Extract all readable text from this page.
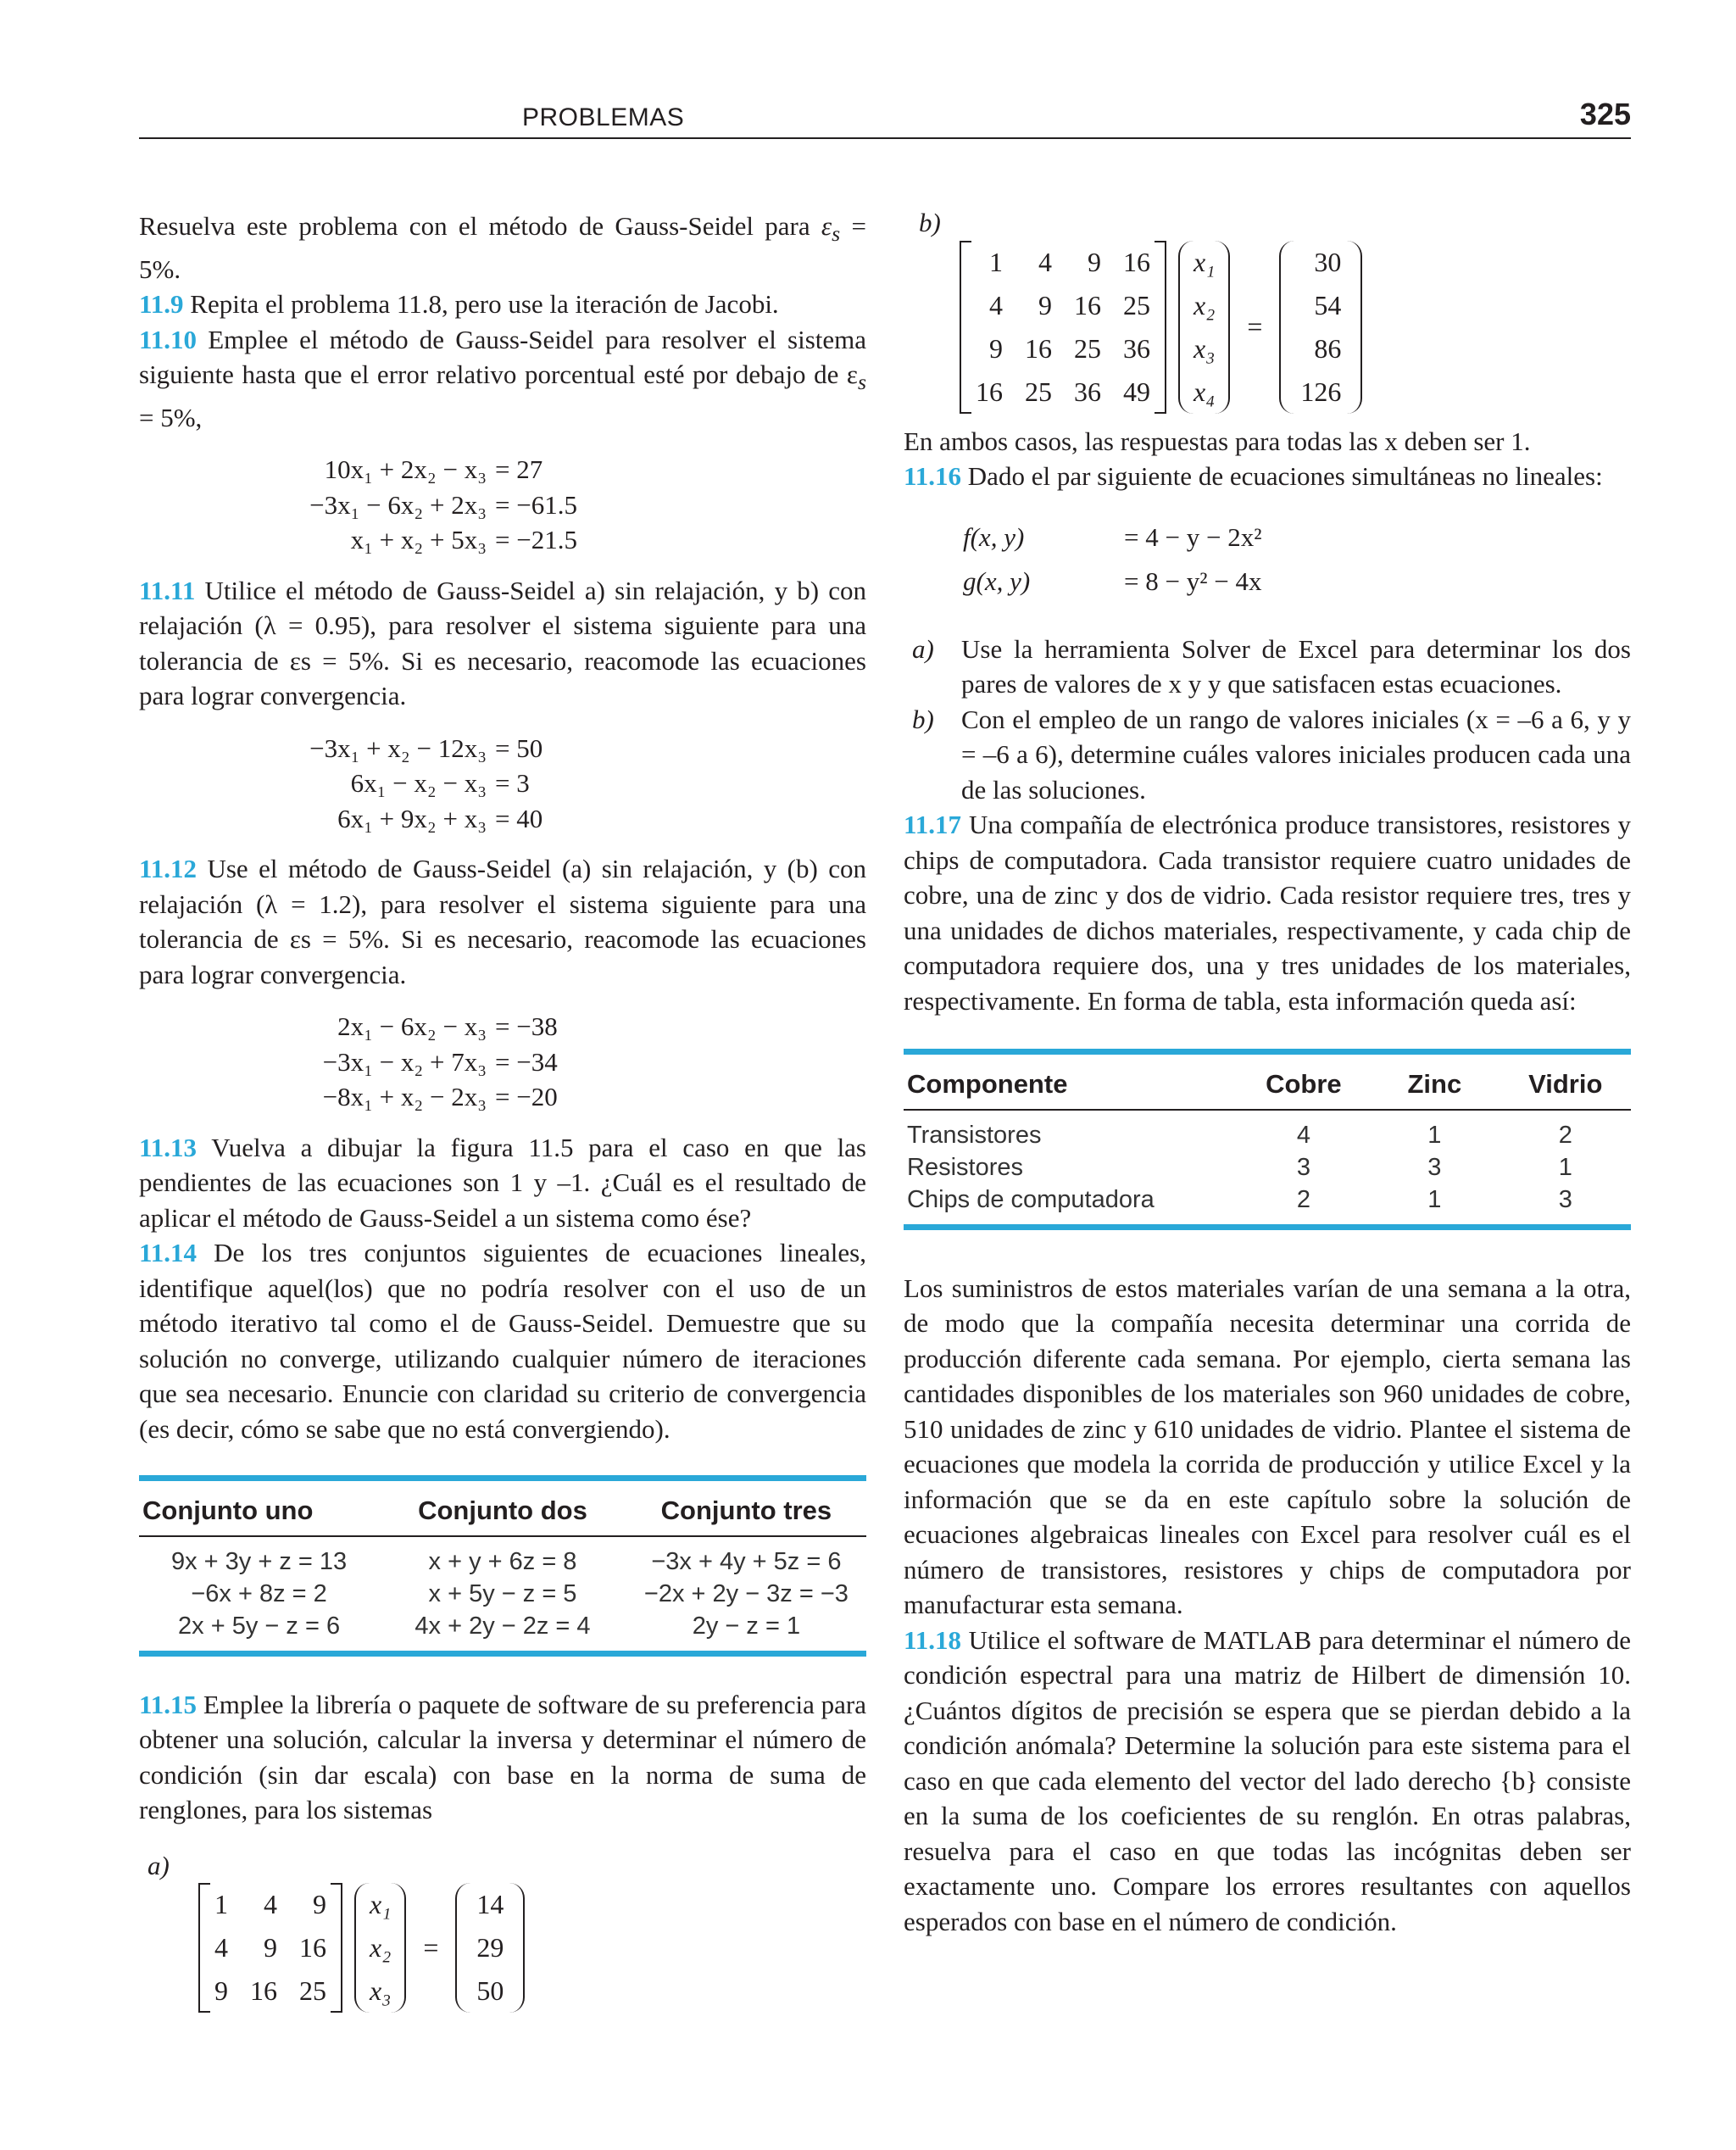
PROBLEMAS	325

Resuelva este problema con el método de Gauss-Seidel para $\varepsilon_s = 5\%$.

11.9 Repita el problema 11.8, pero use la iteración de Jacobi.

11.10 Emplee el método de Gauss-Seidel para resolver el sistema siguiente hasta que el error relativo porcentual esté por debajo de $\varepsilon_s = 5\%$,

10x₁ + 2x₂ − x₃ = 27
−3x₁ − 6x₂ + 2x₃ = −61.5
x₁ + x₂ + 5x₃ = −21.5

11.11 Utilice el método de Gauss-Seidel a) sin relajación, y b) con relajación (λ = 0.95), para resolver el sistema siguiente para una tolerancia de εs = 5%. Si es necesario, reacomode las ecuaciones para lograr convergencia.

−3x₁ + x₂ − 12x₃ = 50
6x₁ − x₂ − x₃ = 3
6x₁ + 9x₂ + x₃ = 40

11.12 Use el método de Gauss-Seidel (a) sin relajación, y (b) con relajación (λ = 1.2), para resolver el sistema siguiente para una tolerancia de εs = 5%. Si es necesario, reacomode las ecuaciones para lograr convergencia.

2x₁ − 6x₂ − x₃ = −38
−3x₁ − x₂ + 7x₃ = −34
−8x₁ + x₂ − 2x₃ = −20

11.13 Vuelva a dibujar la figura 11.5 para el caso en que las pendientes de las ecuaciones son 1 y –1. ¿Cuál es el resultado de aplicar el método de Gauss-Seidel a un sistema como ése?

11.14 De los tres conjuntos siguientes de ecuaciones lineales, identifique aquel(los) que no podría resolver con el uso de un método iterativo tal como el de Gauss-Seidel. Demuestre que su solución no converge, utilizando cualquier número de iteraciones que sea necesario. Enuncie con claridad su criterio de convergencia (es decir, cómo se sabe que no está convergiendo).

Conjunto uno	Conjunto dos	Conjunto tres
9x + 3y + z = 13	x + y + 6z = 8	−3x + 4y + 5z = 6
−6x + 8z = 2	x + 5y − z = 5	−2x + 2y − 3z = −3
2x + 5y − z = 6	4x + 2y − 2z = 4	2y − z = 1

11.15 Emplee la librería o paquete de software de su preferencia para obtener una solución, calcular la inversa y determinar el número de condición (sin dar escala) con base en la norma de suma de renglones, para los sistemas

a)
1	4	9
4	9	16
9	16	25
x₁
x₂
x₃
=
14
29
50
b)
1	4	9	16
4	9	16	25
9	16	25	36
16	25	36	49
x₁
x₂
x₃
x₄
=
30
54
86
126

En ambos casos, las respuestas para todas las x deben ser 1.

11.16 Dado el par siguiente de ecuaciones simultáneas no lineales:

f(x, y)	= 4 − y − 2x²
g(x, y)	= 8 − y² − 4x
a)	Use la herramienta Solver de Excel para determinar los dos pares de valores de x y y que satisfacen estas ecuaciones.

b)	Con el empleo de un rango de valores iniciales (x = –6 a 6, y y = –6 a 6), determine cuáles valores iniciales producen cada una de las soluciones.

11.17 Una compañía de electrónica produce transistores, resistores y chips de computadora. Cada transistor requiere cuatro unidades de cobre, una de zinc y dos de vidrio. Cada resistor requiere tres, tres y una unidades de dichos materiales, respectivamente, y cada chip de computadora requiere dos, una y tres unidades de los materiales, respectivamente. En forma de tabla, esta información queda así:

Componente	Cobre	Zinc	Vidrio
Transistores	4	1	2
Resistores	3	3	1
Chips de computadora	2	1	3

Los suministros de estos materiales varían de una semana a la otra, de modo que la compañía necesita determinar una corrida de producción diferente cada semana. Por ejemplo, cierta semana las cantidades disponibles de los materiales son 960 unidades de cobre, 510 unidades de zinc y 610 unidades de vidrio. Plantee el sistema de ecuaciones que modela la corrida de producción y utilice Excel y la información que se da en este capítulo sobre la solución de ecuaciones algebraicas lineales con Excel para resolver cuál es el número de transistores, resistores y chips de computadora por manufacturar esta semana.

11.18 Utilice el software de MATLAB para determinar el número de condición espectral para una matriz de Hilbert de dimensión 10. ¿Cuántos dígitos de precisión se espera que se pierdan debido a la condición anómala? Determine la solución para este sistema para el caso en que cada elemento del vector del lado derecho {b} consiste en la suma de los coeficientes de su renglón. En otras palabras, resuelva para el caso en que todas las incógnitas deben ser exactamente uno. Compare los errores resultantes con aquellos esperados con base en el número de condición.
